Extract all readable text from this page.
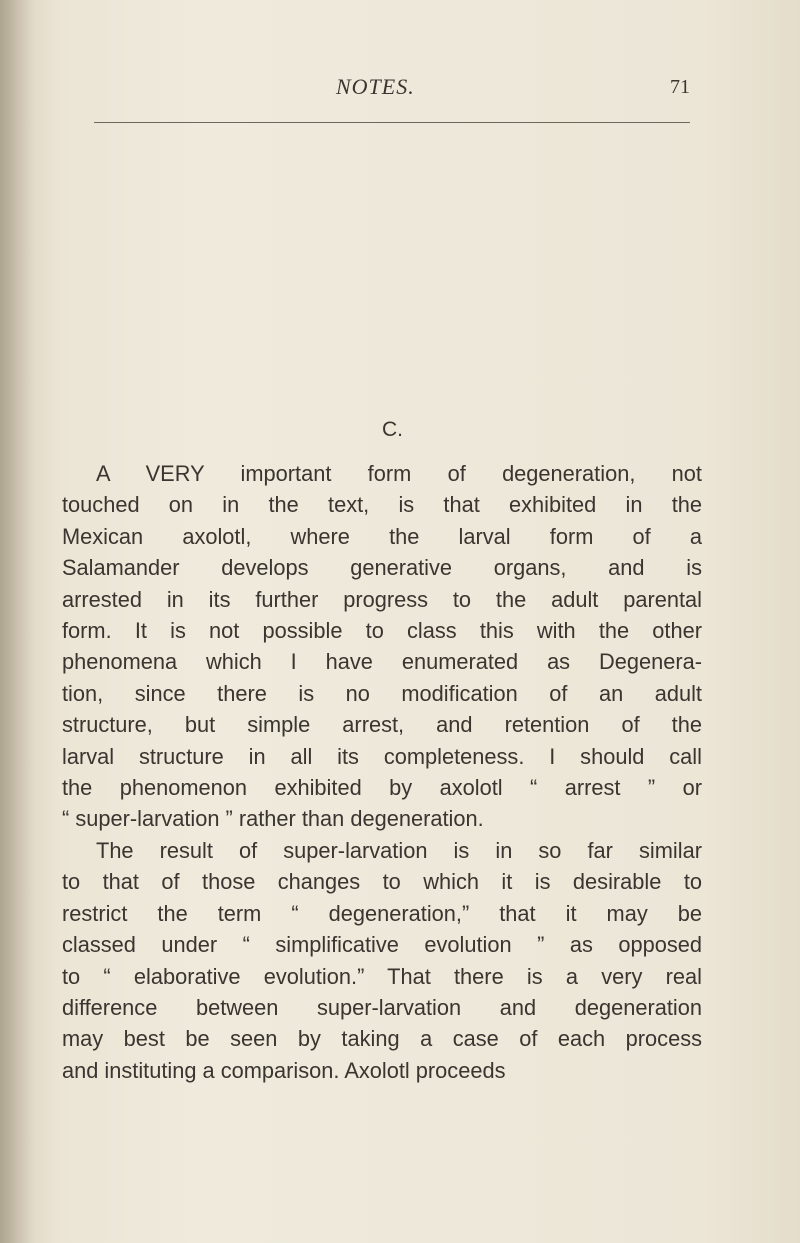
NOTES.	71
C.
A VERY important form of degeneration, not
touched on in the text, is that exhibited in the
Mexican axolotl, where the larval form of a
Salamander develops generative organs, and is
arrested in its further progress to the adult parental
form. It is not possible to class this with the other
phenomena which I have enumerated as Degenera-
tion, since there is no modification of an adult
structure, but simple arrest, and retention of the
larval structure in all its completeness. I should call
the phenomenon exhibited by axolotl “ arrest ” or
“ super-larvation ” rather than degeneration.
The result of super-larvation is in so far similar
to that of those changes to which it is desirable to
restrict the term “ degeneration,” that it may be
classed under “ simplificative evolution ” as opposed
to “ elaborative evolution.” That there is a very real
difference between super-larvation and degeneration
may best be seen by taking a case of each process
and instituting a comparison. Axolotl proceeds
